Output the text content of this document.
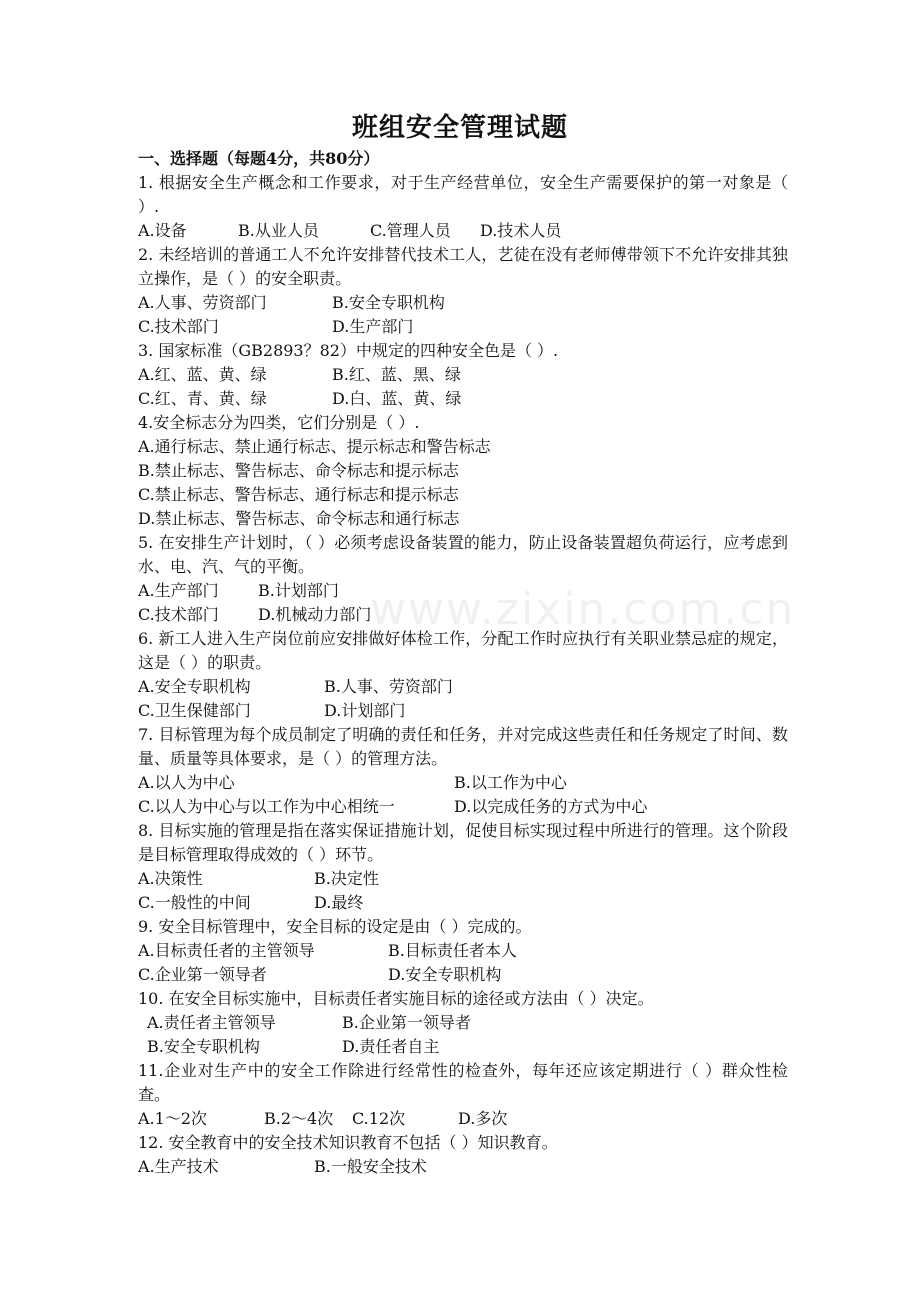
www.zixin.com.cn
班组安全管理试题
一、选择题（每题4分，共80分）

1. 根据安全生产概念和工作要求，对于生产经营单位，安全生产需要保护的第一对象是（ ）.

A.设备	B.从业人员	C.管理人员 D.技术人员

2. 未经培训的普通工人不允许安排替代技术工人，艺徒在没有老师傅带领下不允许安排其独立操作，是（ ）的安全职责。

A.人事、劳资部门	B.安全专职机构
C.技术部门	D.生产部门

3. 国家标准（GB2893？82）中规定的四种安全色是（ ）.

A.红、蓝、黄、绿	B.红、蓝、黑、绿
C.红、青、黄、绿	D.白、蓝、黄、绿

4.安全标志分为四类，它们分别是（ ）.

A.通行标志、禁止通行标志、提示标志和警告标志
B.禁止标志、警告标志、命令标志和提示标志
C.禁止标志、警告标志、通行标志和提示标志
D.禁止标志、警告标志、命令标志和通行标志

5. 在安排生产计划时，（ ）必须考虑设备装置的能力，防止设备装置超负荷运行，应考虑到水、电、汽、气的平衡。

A.生产部门 B.计划部门
C.技术部门 D.机械动力部门

6. 新工人进入生产岗位前应安排做好体检工作，分配工作时应执行有关职业禁忌症的规定，这是（ ）的职责。

A.安全专职机构	B.人事、劳资部门
C.卫生保健部门	D.计划部门

7. 目标管理为每个成员制定了明确的责任和任务，并对完成这些责任和任务规定了时间、数量、质量等具体要求，是（ ）的管理方法。

A.以人为中心	B.以工作为中心
C.以人为中心与以工作为中心相统一	D.以完成任务的方式为中心

8. 目标实施的管理是指在落实保证措施计划，促使目标实现过程中所进行的管理。这个阶段是目标管理取得成效的（ ）环节。

A.决策性	B.决定性
C.一般性的中间	D.最终

9. 安全目标管理中，安全目标的设定是由（ ）完成的。

A.目标责任者的主管领导	B.目标责任者本人
C.企业第一领导者	D.安全专职机构

10. 在安全目标实施中，目标责任者实施目标的途径或方法由（ ）决定。

A.责任者主管领导	B.企业第一领导者
B.安全专职机构	D.责任者自主

11.企业对生产中的安全工作除进行经常性的检查外，每年还应该定期进行（ ）群众性检查。

A.1～2次	B.2～4次 C.12次	D.多次

12. 安全教育中的安全技术知识教育不包括（ ）知识教育。

A.生产技术	B.一般安全技术
